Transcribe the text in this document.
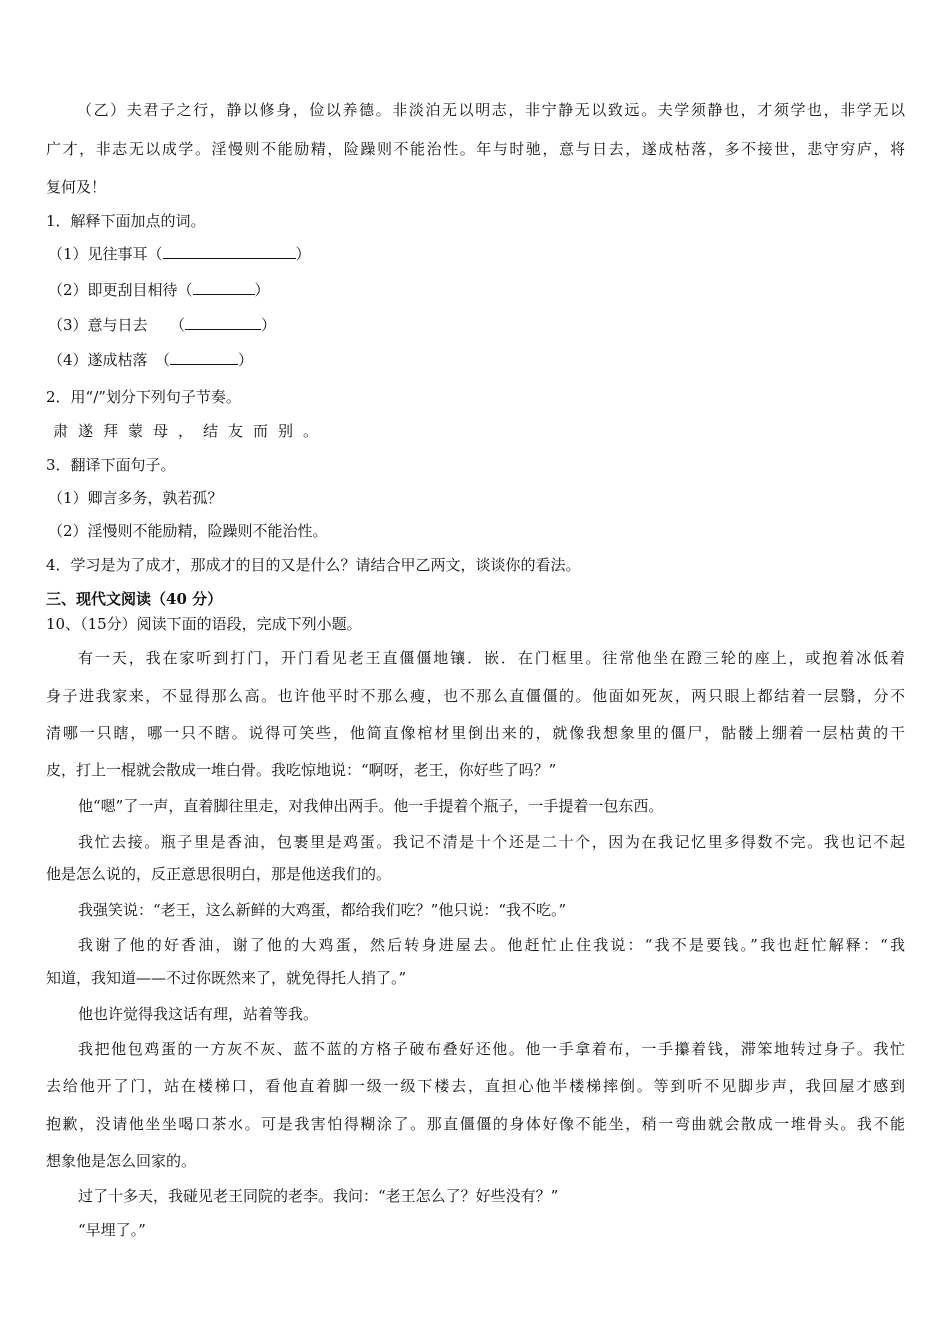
（乙）夫君子之行，静以修身，俭以养德。非淡泊无以明志，非宁静无以致远。夫学须静也，才须学也，非学无以
广才，非志无以成学。淫慢则不能励精，险躁则不能治性。年与时驰，意与日去，遂成枯落，多不接世，悲守穷庐，将
复何及！
1．解释下面加点的词。
（1）见往事耳（	）
（2）即更刮目相待（	）
（3）意与日去　　（	）
（4）遂成枯落　（	）
2．用“/”划分下列句子节奏。
肃遂拜蒙母，结友而别。
3．翻译下面句子。
（1）卿言多务，孰若孤？
（2）淫慢则不能励精，险躁则不能治性。
4．学习是为了成才，那成才的目的又是什么？请结合甲乙两文，谈谈你的看法。
三、现代文阅读（40 分）
10、（15分）阅读下面的语段，完成下列小题。
有一天，我在家听到打门，开门看见老王直僵僵地镶．嵌．在门框里。往常他坐在蹬三轮的座上，或抱着冰低着
身子进我家来，不显得那么高。也许他平时不那么瘦，也不那么直僵僵的。他面如死灰，两只眼上都结着一层翳，分不
清哪一只瞎，哪一只不瞎。说得可笑些，他简直像棺材里倒出来的，就像我想象里的僵尸，骷髅上绷着一层枯黄的干
皮，打上一棍就会散成一堆白骨。我吃惊地说：“啊呀，老王，你好些了吗？”
他“嗯”了一声，直着脚往里走，对我伸出两手。他一手提着个瓶子，一手提着一包东西。
我忙去接。瓶子里是香油，包裹里是鸡蛋。我记不清是十个还是二十个，因为在我记忆里多得数不完。我也记不起
他是怎么说的，反正意思很明白，那是他送我们的。
我强笑说：“老王，这么新鲜的大鸡蛋，都给我们吃？”他只说：“我不吃。”
我谢了他的好香油，谢了他的大鸡蛋，然后转身进屋去。他赶忙止住我说：“我不是要钱。”我也赶忙解释：“我
知道，我知道——不过你既然来了，就免得托人捎了。”
他也许觉得我这话有理，站着等我。
我把他包鸡蛋的一方灰不灰、蓝不蓝的方格子破布叠好还他。他一手拿着布，一手攥着钱，滞笨地转过身子。我忙
去给他开了门，站在楼梯口，看他直着脚一级一级下楼去，直担心他半楼梯摔倒。等到听不见脚步声，我回屋才感到
抱歉，没请他坐坐喝口茶水。可是我害怕得糊涂了。那直僵僵的身体好像不能坐，稍一弯曲就会散成一堆骨头。我不能
想象他是怎么回家的。
过了十多天，我碰见老王同院的老李。我问：“老王怎么了？好些没有？”
“早埋了。”
